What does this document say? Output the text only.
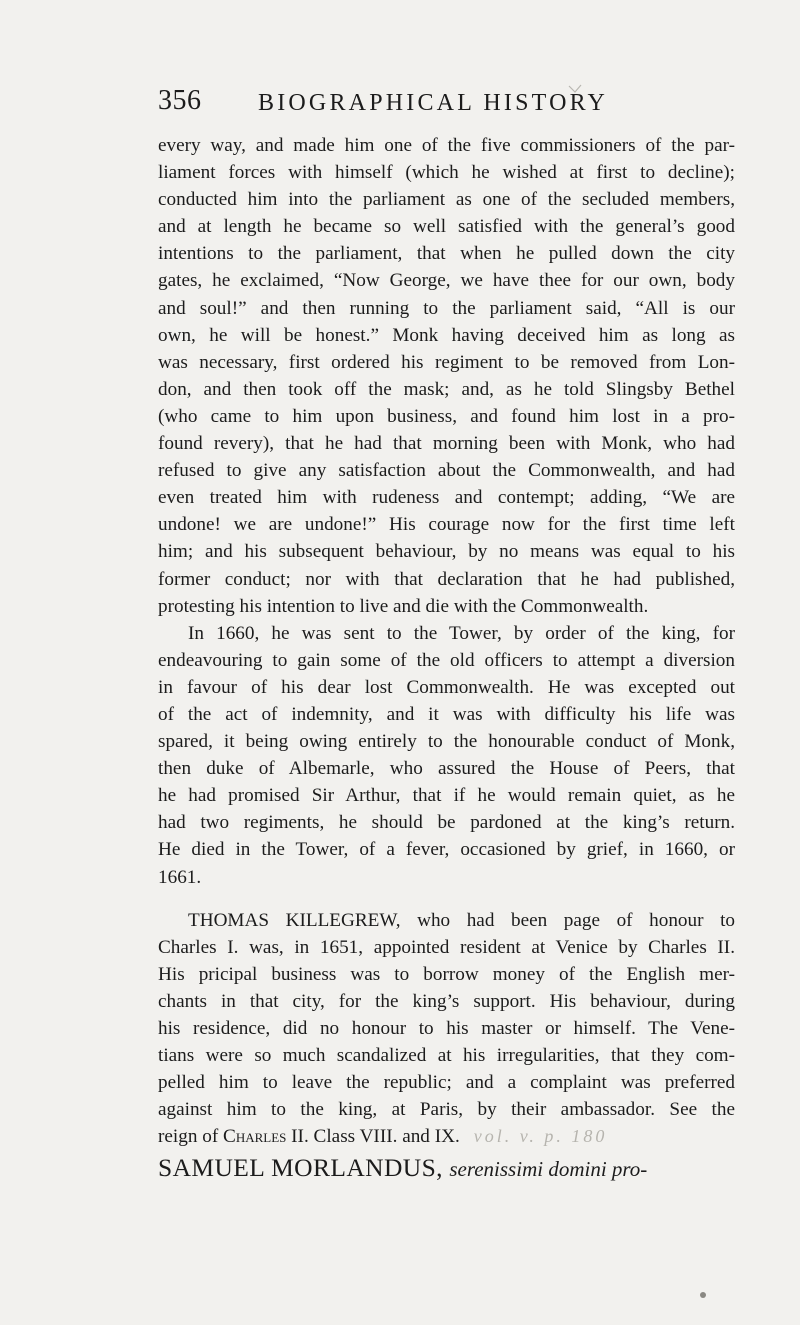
356 BIOGRAPHICAL HISTORY
every way, and made him one of the five commissioners of the par-
liament forces with himself (which he wished at first to decline);
conducted him into the parliament as one of the secluded members,
and at length he became so well satisfied with the general’s good
intentions to the parliament, that when he pulled down the city
gates, he exclaimed, “Now George, we have thee for our own, body
and soul!” and then running to the parliament said, “All is our
own, he will be honest.” Monk having deceived him as long as
was necessary, first ordered his regiment to be removed from Lon-
don, and then took off the mask; and, as he told Slingsby Bethel
(who came to him upon business, and found him lost in a pro-
found revery), that he had that morning been with Monk, who had
refused to give any satisfaction about the Commonwealth, and had
even treated him with rudeness and contempt; adding, “We are
undone! we are undone!” His courage now for the first time left
him; and his subsequent behaviour, by no means was equal to his
former conduct; nor with that declaration that he had published,
protesting his intention to live and die with the Commonwealth.
In 1660, he was sent to the Tower, by order of the king, for
endeavouring to gain some of the old officers to attempt a diversion
in favour of his dear lost Commonwealth. He was excepted out
of the act of indemnity, and it was with difficulty his life was
spared, it being owing entirely to the honourable conduct of Monk,
then duke of Albemarle, who assured the House of Peers, that
he had promised Sir Arthur, that if he would remain quiet, as he
had two regiments, he should be pardoned at the king’s return.
He died in the Tower, of a fever, occasioned by grief, in 1660, or
1661.
THOMAS KILLEGREW, who had been page of honour to
Charles I. was, in 1651, appointed resident at Venice by Charles II.
His pricipal business was to borrow money of the English mer-
chants in that city, for the king’s support. His behaviour, during
his residence, did no honour to his master or himself. The Vene-
tians were so much scandalized at his irregularities, that they com-
pelled him to leave the republic; and a complaint was preferred
against him to the king, at Paris, by their ambassador. See the
reign of Charles II. Class VIII. and IX. vol. v. p. 180
SAMUEL MORLANDUS, serenissimi domini pro-
